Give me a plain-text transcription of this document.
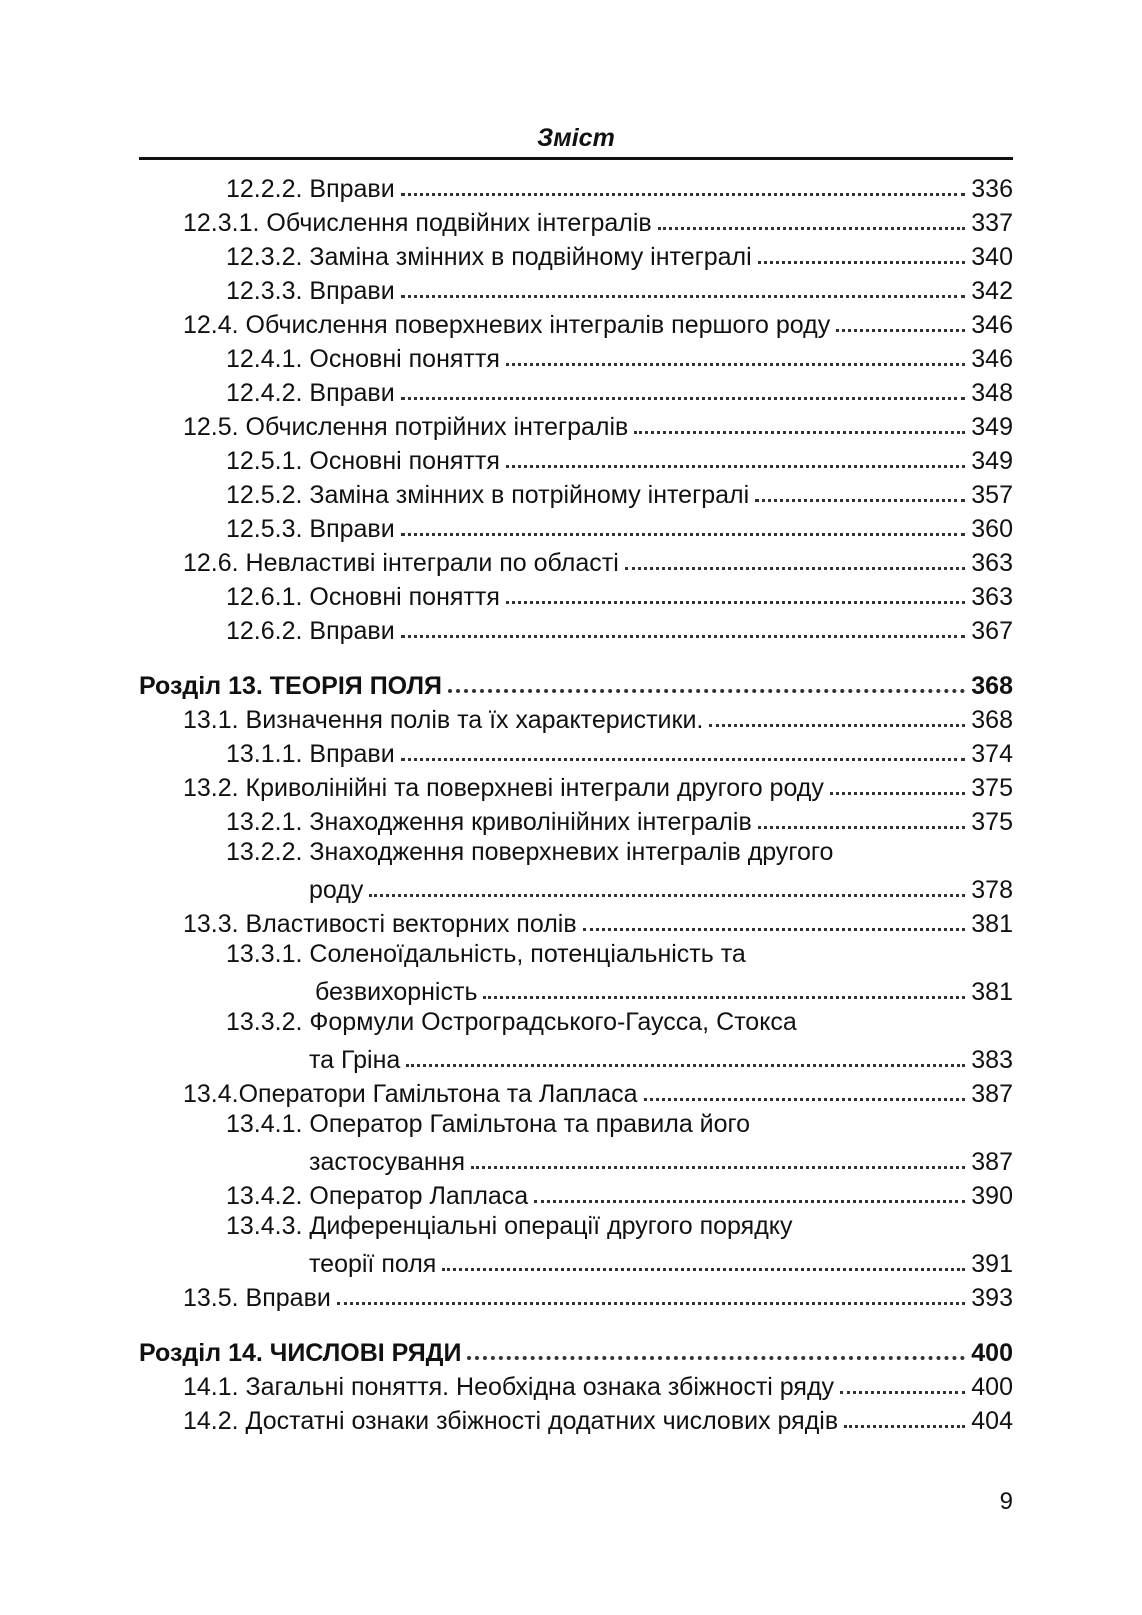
Зміст
12.2.2. Вправи	336
12.3.1. Обчислення подвійних інтегралів	337
12.3.2. Заміна змінних в подвійному інтегралі	340
12.3.3. Вправи	342
12.4. Обчислення поверхневих інтегралів першого роду	346
12.4.1. Основні поняття	346
12.4.2. Вправи	348
12.5. Обчислення потрійних інтегралів	349
12.5.1. Основні поняття	349
12.5.2. Заміна змінних в потрійному інтегралі	357
12.5.3. Вправи	360
12.6. Невластиві інтеграли по області	363
12.6.1. Основні поняття	363
12.6.2. Вправи	367
Розділ 13. ТЕОРІЯ ПОЛЯ	368
13.1. Визначення полів та їх характеристики.	368
13.1.1. Вправи	374
13.2. Криволінійні та поверхневі інтеграли другого роду	375
13.2.1. Знаходження криволінійних інтегралів	375
13.2.2. Знаходження поверхневих інтегралів другого
роду	378
13.3. Властивості векторних полів	381
13.3.1. Соленоїдальність, потенціальність та
безвихорність	381
13.3.2. Формули Остроградського-Гаусса, Стокса
та Гріна	383
13.4.Оператори Гамільтона та Лапласа	387
13.4.1. Оператор Гамільтона та правила його
застосування	387
13.4.2. Оператор Лапласа	390
13.4.3. Диференціальні операції другого порядку
теорії поля	391
13.5. Вправи	393
Розділ 14. ЧИСЛОВІ РЯДИ	400
14.1. Загальні поняття. Необхідна ознака збіжності ряду	400
14.2. Достатні ознаки збіжності додатних числових рядів	404
9
